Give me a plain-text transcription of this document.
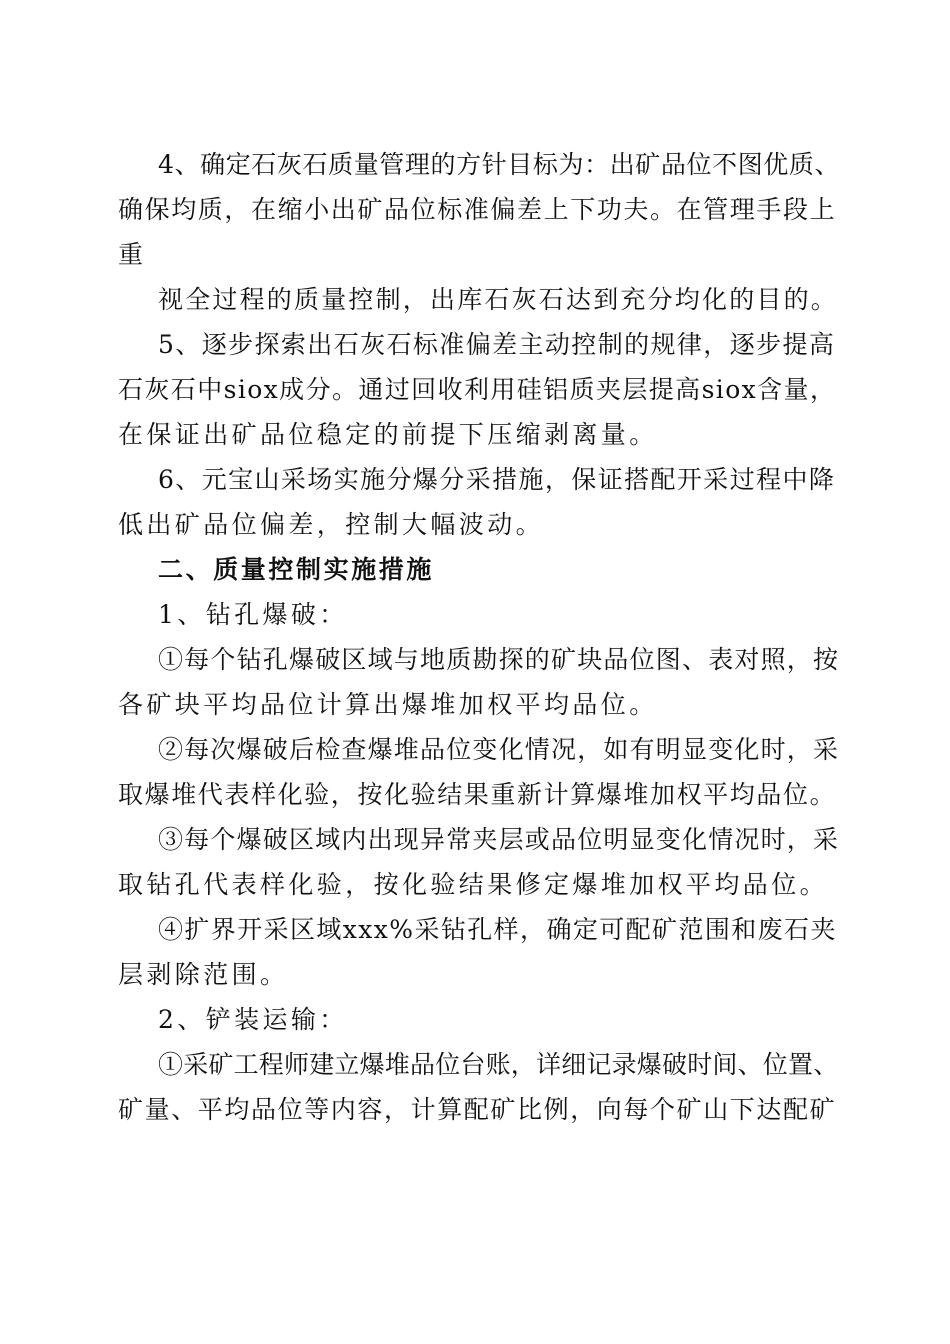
4、确定石灰石质量管理的方针目标为：出矿品位不图优质、
确保均质，在缩小出矿品位标准偏差上下功夫。在管理手段上
重
视全过程的质量控制，出库石灰石达到充分均化的目的。
5、逐步探索出石灰石标准偏差主动控制的规律，逐步提高
石灰石中siox成分。通过回收利用硅铝质夹层提高siox含量，
在保证出矿品位稳定的前提下压缩剥离量。
6、元宝山采场实施分爆分采措施，保证搭配开采过程中降
低出矿品位偏差，控制大幅波动。
二、质量控制实施措施
1、钻孔爆破：
①每个钻孔爆破区域与地质勘探的矿块品位图、表对照，按
各矿块平均品位计算出爆堆加权平均品位。
②每次爆破后检查爆堆品位变化情况，如有明显变化时，采
取爆堆代表样化验，按化验结果重新计算爆堆加权平均品位。
③每个爆破区域内出现异常夹层或品位明显变化情况时，采
取钻孔代表样化验，按化验结果修定爆堆加权平均品位。
④扩界开采区域xxx%采钻孔样，确定可配矿范围和废石夹
层剥除范围。
2、铲装运输：
①采矿工程师建立爆堆品位台账，详细记录爆破时间、位置、
矿量、平均品位等内容，计算配矿比例，向每个矿山下达配矿
